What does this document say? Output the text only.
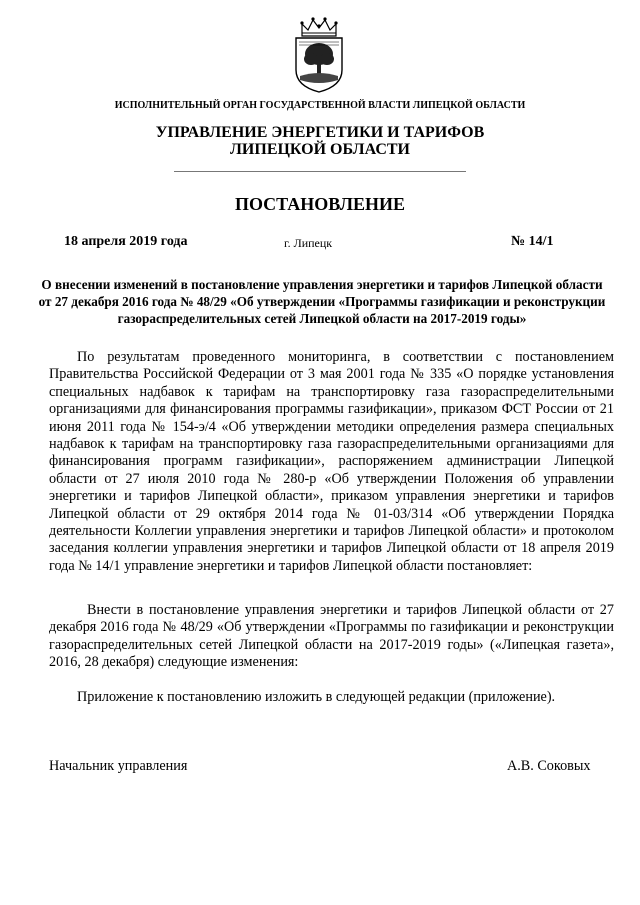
ИСПОЛНИТЕЛЬНЫЙ ОРГАН ГОСУДАРСТВЕННОЙ ВЛАСТИ ЛИПЕЦКОЙ ОБЛАСТИ
УПРАВЛЕНИЕ ЭНЕРГЕТИКИ И ТАРИФОВ
ЛИПЕЦКОЙ ОБЛАСТИ
ПОСТАНОВЛЕНИЕ
18 апреля 2019 года	г. Липецк	№ 14/1
О внесении изменений в постановление управления энергетики и тарифов Липецкой области от 27 декабря 2016 года № 48/29 «Об утверждении «Программы газификации и реконструкции газораспределительных сетей Липецкой области на 2017-2019 годы»

По результатам проведенного мониторинга, в соответствии с постановлением Правительства Российской Федерации от 3 мая 2001 года № 335 «О порядке установления специальных надбавок к тарифам на транспортировку газа газораспределительными организациями для финансирования программы газификации», приказом ФСТ России от 21 июня 2011 года № 154-э/4 «Об утверждении методики определения размера специальных надбавок к тарифам на транспортировку газа газораспределительными организациями для финансирования программ газификации», распоряжением администрации Липецкой области от 27 июля 2010 года № 280-р «Об утверждении Положения об управлении энергетики и тарифов Липецкой области», приказом управления энергетики и тарифов Липецкой области от 29 октября 2014 года № 01-03/314 «Об утверждении Порядка деятельности Коллегии управления энергетики и тарифов Липецкой области» и протоколом заседания коллегии управления энергетики и тарифов Липецкой области от 18 апреля 2019 года № 14/1 управление энергетики и тарифов Липецкой области постановляет:

Внести в постановление управления энергетики и тарифов Липецкой области от 27 декабря 2016 года № 48/29 «Об утверждении «Программы по газификации и реконструкции газораспределительных сетей Липецкой области на 2017-2019 годы» («Липецкая газета», 2016, 28 декабря) следующие изменения:

Приложение к постановлению изложить в следующей редакции (приложение).

Начальник управления	А.В. Соковых
